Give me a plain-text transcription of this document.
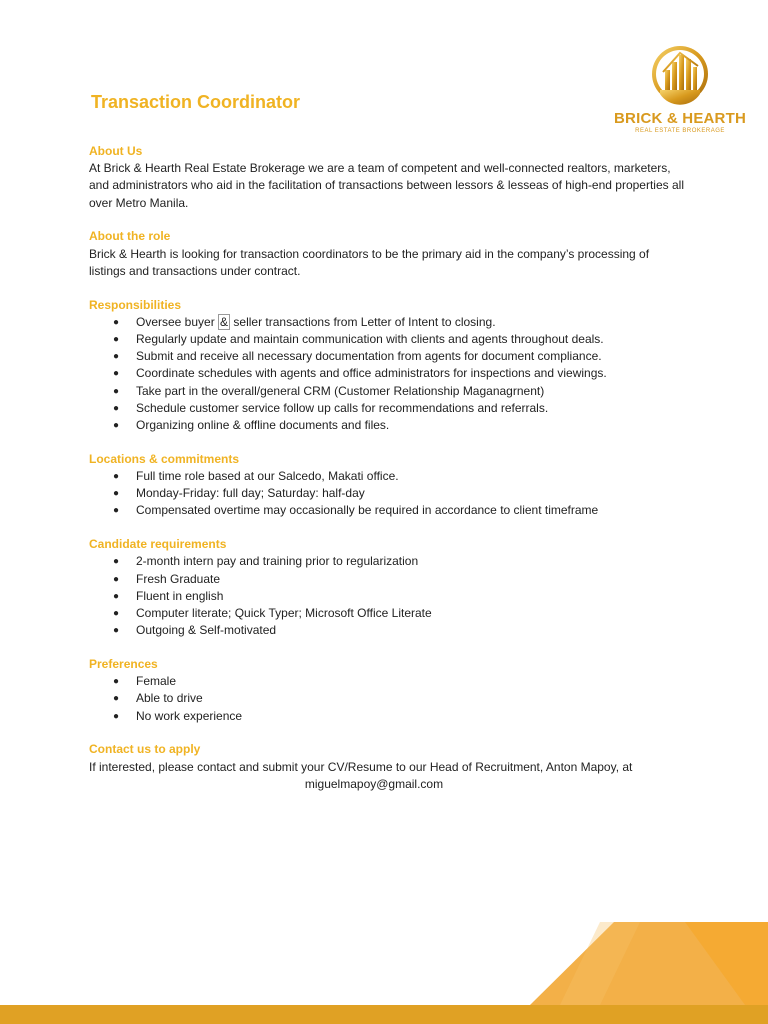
Transaction Coordinator
BRICK & HEARTH
REAL ESTATE BROKERAGE

About Us

At Brick & Hearth Real Estate Brokerage we are a team of competent and well-connected realtors, marketers, and administrators who aid in the facilitation of transactions between lessors & lesseas of high-end properties all over Metro Manila.

About the role

Brick & Hearth is looking for transaction coordinators to be the primary aid in the company’s processing of listings and transactions under contract.

Responsibilities

● Oversee buyer & seller transactions from Letter of Intent to closing.
● Regularly update and maintain communication with clients and agents throughout deals.
● Submit and receive all necessary documentation from agents for document compliance.
● Coordinate schedules with agents and office administrators for inspections and viewings.
● Take part in the overall/general CRM (Customer Relationship Maganagrnent)
● Schedule customer service follow up calls for recommendations and referrals.
● Organizing online & offline documents and files.

Locations & commitments

● Full time role based at our Salcedo, Makati office.
● Monday-Friday: full day; Saturday: half-day
● Compensated overtime may occasionally be required in accordance to client timeframe

Candidate requirements

● 2-month intern pay and training prior to regularization
● Fresh Graduate
● Fluent in english
● Computer literate; Quick Typer; Microsoft Office Literate
● Outgoing & Self-motivated

Preferences

● Female
● Able to drive
● No work experience

Contact us to apply

If interested, please contact and submit your CV/Resume to our Head of Recruitment, Anton Mapoy, at

miguelmapoy@gmail.com
